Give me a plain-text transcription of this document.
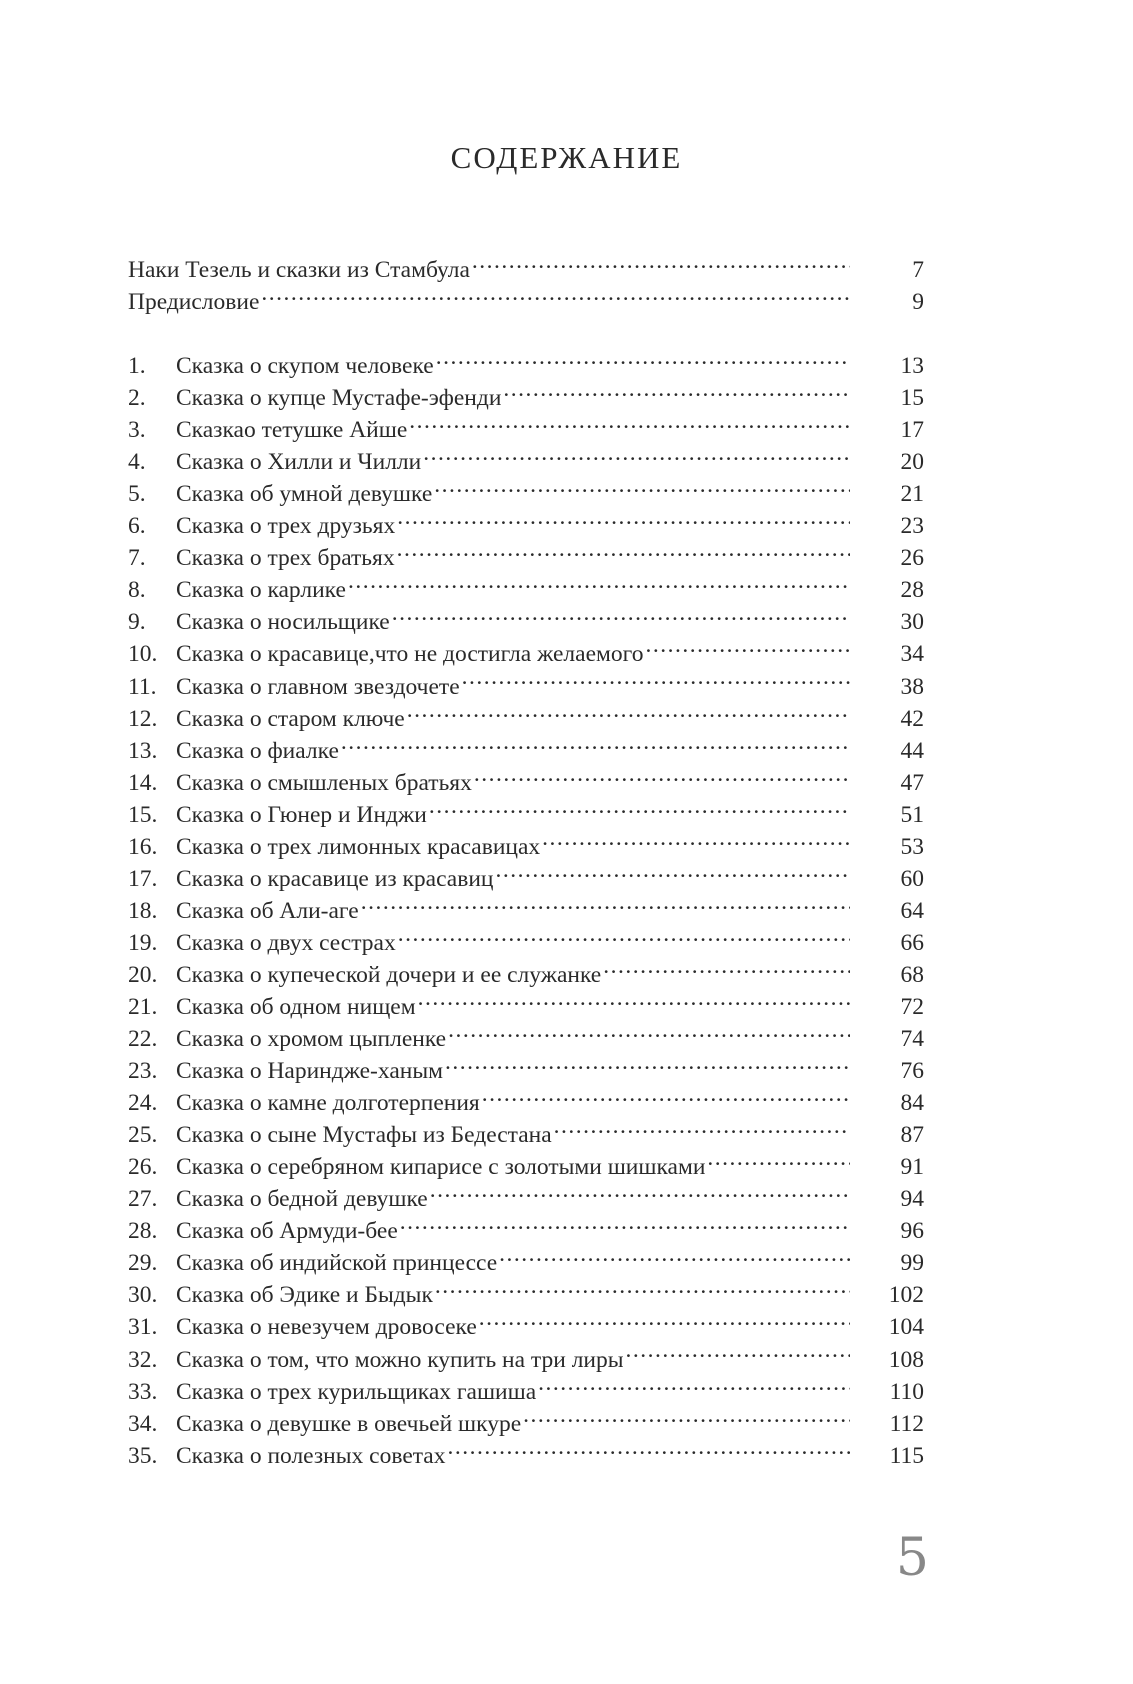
СОДЕРЖАНИЕ
Наки Тезель и сказки из Стамбула .....	7
Предисловие .....	9
1.	Сказка о скупом человеке .....	13
2.	Сказка о купце Мустафе-эфенди .....	15
3.	Сказкао тетушке Айше .....	17
4.	Сказка о Хилли и Чилли .....	20
5.	Сказка об умной девушке .....	21
6.	Сказка о трех друзьях .....	23
7.	Сказка о трех братьях .....	26
8.	Сказка о карлике .....	28
9.	Сказка о носильщике .....	30
10. Сказка о красавице,что не достигла желаемого .....	34
11. Сказка о главном звездочете .....	38
12. Сказка о старом ключе .....	42
13. Сказка о фиалке .....	44
14. Сказка о смышленых братьях .....	47
15. Сказка о Гюнер и Инджи .....	51
16. Сказка о трех лимонных красавицах .....	53
17. Сказка о красавице из красавиц .....	60
18. Сказка об Али-аге .....	64
19. Сказка о двух сестрах .....	66
20. Сказка о купеческой дочери и ее служанке .....	68
21. Сказка об одном нищем .....	72
22. Сказка о хромом цыпленке .....	74
23. Сказка о Нариндже-ханым .....	76
24. Сказка о камне долготерпения .....	84
25. Сказка о сыне Мустафы из Бедестана .....	87
26. Сказка о серебряном кипарисе с золотыми шишками .....	91
27. Сказка о бедной девушке .....	94
28. Сказка об Армуди-бее .....	96
29. Сказка об индийской принцессе .....	99
30. Сказка об Эдике и Быдык .....	102
31. Сказка о невезучем дровосеке .....	104
32. Сказка о том, что можно купить на три лиры .....	108
33. Сказка о трех курильщиках гашиша .....	110
34. Сказка о девушке в овечьей шкуре .....	112
35. Сказка о полезных советах .....	115
5
